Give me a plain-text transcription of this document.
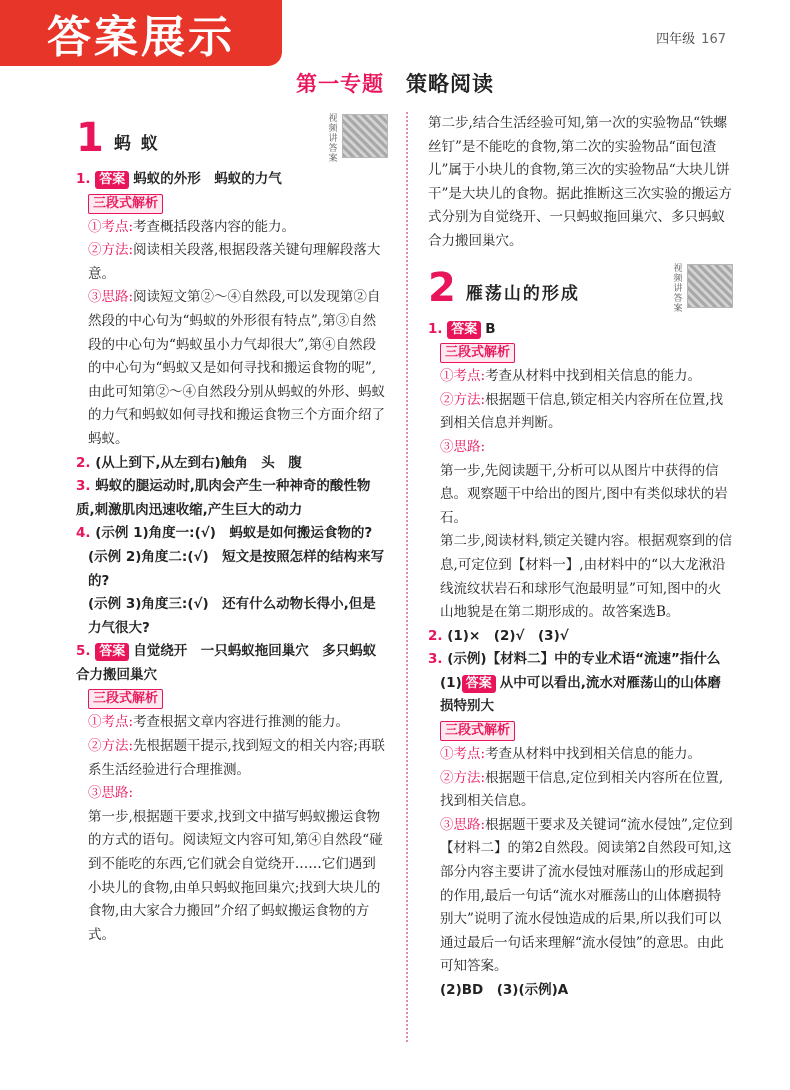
答案展示	四年级 167
第一专题 策略阅读
1 蚂 蚁
视频讲答案

1. 答案 蚂蚁的外形　蚂蚁的力气

三段式解析

①考点:考查概括段落内容的能力。

②方法:阅读相关段落,根据段落关键句理解段落大意。

③思路:阅读短文第②～④自然段,可以发现第②自然段的中心句为“蚂蚁的外形很有特点”,第③自然段的中心句为“蚂蚁虽小力气却很大”,第④自然段的中心句为“蚂蚁又是如何寻找和搬运食物的呢”,由此可知第②～④自然段分别从蚂蚁的外形、蚂蚁的力气和蚂蚁如何寻找和搬运食物三个方面介绍了蚂蚁。

2. (从上到下,从左到右)触角　头　腹

3. 蚂蚁的腿运动时,肌肉会产生一种神奇的酸性物质,刺激肌肉迅速收缩,产生巨大的动力

4. (示例 1)角度一:(√)　蚂蚁是如何搬运食物的?

(示例 2)角度二:(√)　短文是按照怎样的结构来写的?

(示例 3)角度三:(√)　还有什么动物长得小,但是力气很大?

5. 答案 自觉绕开　一只蚂蚁拖回巢穴　多只蚂蚁合力搬回巢穴

三段式解析

①考点:考查根据文章内容进行推测的能力。

②方法:先根据题干提示,找到短文的相关内容;再联系生活经验进行合理推测。

③思路:

第一步,根据题干要求,找到文中描写蚂蚁搬运食物的方式的语句。阅读短文内容可知,第④自然段“碰到不能吃的东西,它们就会自觉绕开……它们遇到小块儿的食物,由单只蚂蚁拖回巢穴;找到大块儿的食物,由大家合力搬回”介绍了蚂蚁搬运食物的方式。

第二步,结合生活经验可知,第一次的实验物品“铁螺丝钉”是不能吃的食物,第二次的实验物品“面包渣儿”属于小块儿的食物,第三次的实验物品“大块儿饼干”是大块儿的食物。据此推断这三次实验的搬运方式分别为自觉绕开、一只蚂蚁拖回巢穴、多只蚂蚁合力搬回巢穴。

2 雁荡山的形成
视频讲答案

1. 答案 B

三段式解析

①考点:考查从材料中找到相关信息的能力。

②方法:根据题干信息,锁定相关内容所在位置,找到相关信息并判断。

③思路:

第一步,先阅读题干,分析可以从图片中获得的信息。观察题干中给出的图片,图中有类似球状的岩石。

第二步,阅读材料,锁定关键内容。根据观察到的信息,可定位到【材料一】,由材料中的“以大龙湫沿线流纹状岩石和球形气泡最明显”可知,图中的火山地貌是在第二期形成的。故答案选B。

2. (1)×　(2)√　(3)√

3. (示例)【材料二】中的专业术语“流速”指什么

(1) 答案 从中可以看出,流水对雁荡山的山体磨损特别大

三段式解析

①考点:考查从材料中找到相关信息的能力。

②方法:根据题干信息,定位到相关内容所在位置,找到相关信息。

③思路:根据题干要求及关键词“流水侵蚀”,定位到【材料二】的第2自然段。阅读第2自然段可知,这部分内容主要讲了流水侵蚀对雁荡山的形成起到的作用,最后一句话“流水对雁荡山的山体磨损特别大”说明了流水侵蚀造成的后果,所以我们可以通过最后一句话来理解“流水侵蚀”的意思。由此可知答案。

(2)BD　(3)(示例)A
